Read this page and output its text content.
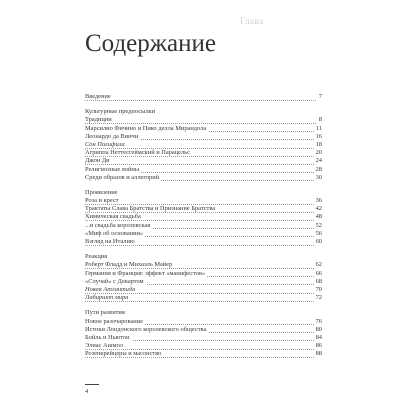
Глава
Содержание
Введение	7
Культурные предпосылки
Традиции	8
Марсилио Фичино и Пико делла Мирандола	11
Леонардо да Винчи	16
Сон Полифила	18
Агриппа Неттесгеймский и Парацельс	20
Джон Ди	24
Религиозные войны	28
Среди образов и аллегорий	30
Проявление
Роза и крест	36
Трактаты Слава Братства и Признание Братства	42
Химическая свадьба	48
...и свадьба королевская	52
«Миф об основании»	56
Взгляд на Италию	60
Реакция
Роберт Фладд и Михаэль Майер	62
Германия и Франция: эффект «манифестов»	66
«Случай» с Декартом	68
Новая Атлантида	70
Лабиринт мира	72
Пути развития
Новое разочарование	76
Истоки Лондонского королевского общества	80
Бойль и Ньютон	84
Элиас Ашмол	86
Розенкрейцеры и масонство	88
4
